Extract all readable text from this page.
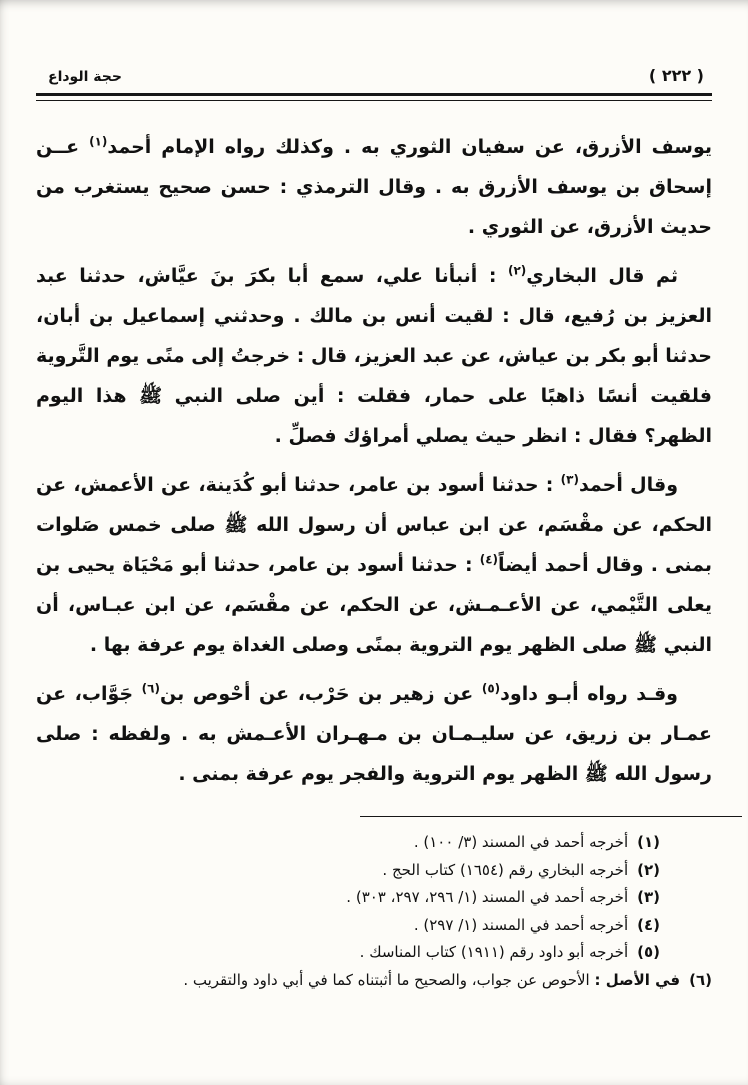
( ٢٢٢ )
حجة الوداع

يوسف الأزرق، عن سفيان الثوري به . وكذلك رواه الإمام أحمد$^{(١)}$ عــن إسحاق بن يوسف الأزرق به . وقال الترمذي : حسن صحيح يستغرب من حديث الأزرق، عن الثوري .

ثم قال البخاري$^{(٢)}$ : أنبأنا علي، سمع أبا بكرَ بنَ عيَّاش، حدثنا عبد العزيز بن رُفيع، قال : لقيت أنس بن مالك . وحدثني إسماعيل بن أبان، حدثنا أبو بكر بن عياش، عن عبد العزيز، قال : خرجتُ إلى منًى يوم التَّروية فلقيت أنسًا ذاهبًا على حمار، فقلت : أين صلى النبي ﷺ هذا اليوم الظهر؟ فقال : انظر حيث يصلي أمراؤك فصلِّ .

وقال أحمد$^{(٣)}$ : حدثنا أسود بن عامر، حدثنا أبو كُدَينة، عن الأعمش، عن الحكم، عن مقْسَم، عن ابن عباس أن رسول الله ﷺ صلى خمس صَلوات بمنى . وقال أحمد أيضاً$^{(٤)}$ : حدثنا أسود بن عامر، حدثنا أبو مَحْيَاة يحيى بن يعلى التَّيْمي، عن الأعـمـش، عن الحكم، عن مقْسَم، عن ابن عبـاس، أن النبي ﷺ صلى الظهر يوم التروية بمنًى وصلى الغداة يوم عرفة بها .

وقـد رواه أبـو داود$^{(٥)}$ عن زهير بن حَرْب، عن أحْوص بن$^{(٦)}$ جَوَّاب، عن عمـار بن زريق، عن سليـمـان بن مـهـران الأعـمش به . ولفظه : صلى رسول الله ﷺ الظهر يوم التروية والفجر يوم عرفة بمنى .

(١)
أخرجه أحمد في المسند (٣/ ١٠٠) .
(٢)
أخرجه البخاري رقم (١٦٥٤) كتاب الحج .
(٣)
أخرجه أحمد في المسند (١/ ٢٩٦، ٢٩٧، ٣٠٣) .
(٤)
أخرجه أحمد في المسند (١/ ٢٩٧) .
(٥)
أخرجه أبو داود رقم (١٩١١) كتاب المناسك .
(٦)
في الأصل : الأحوص عن جواب، والصحيح ما أثبتناه كما في أبي داود والتقريب .
